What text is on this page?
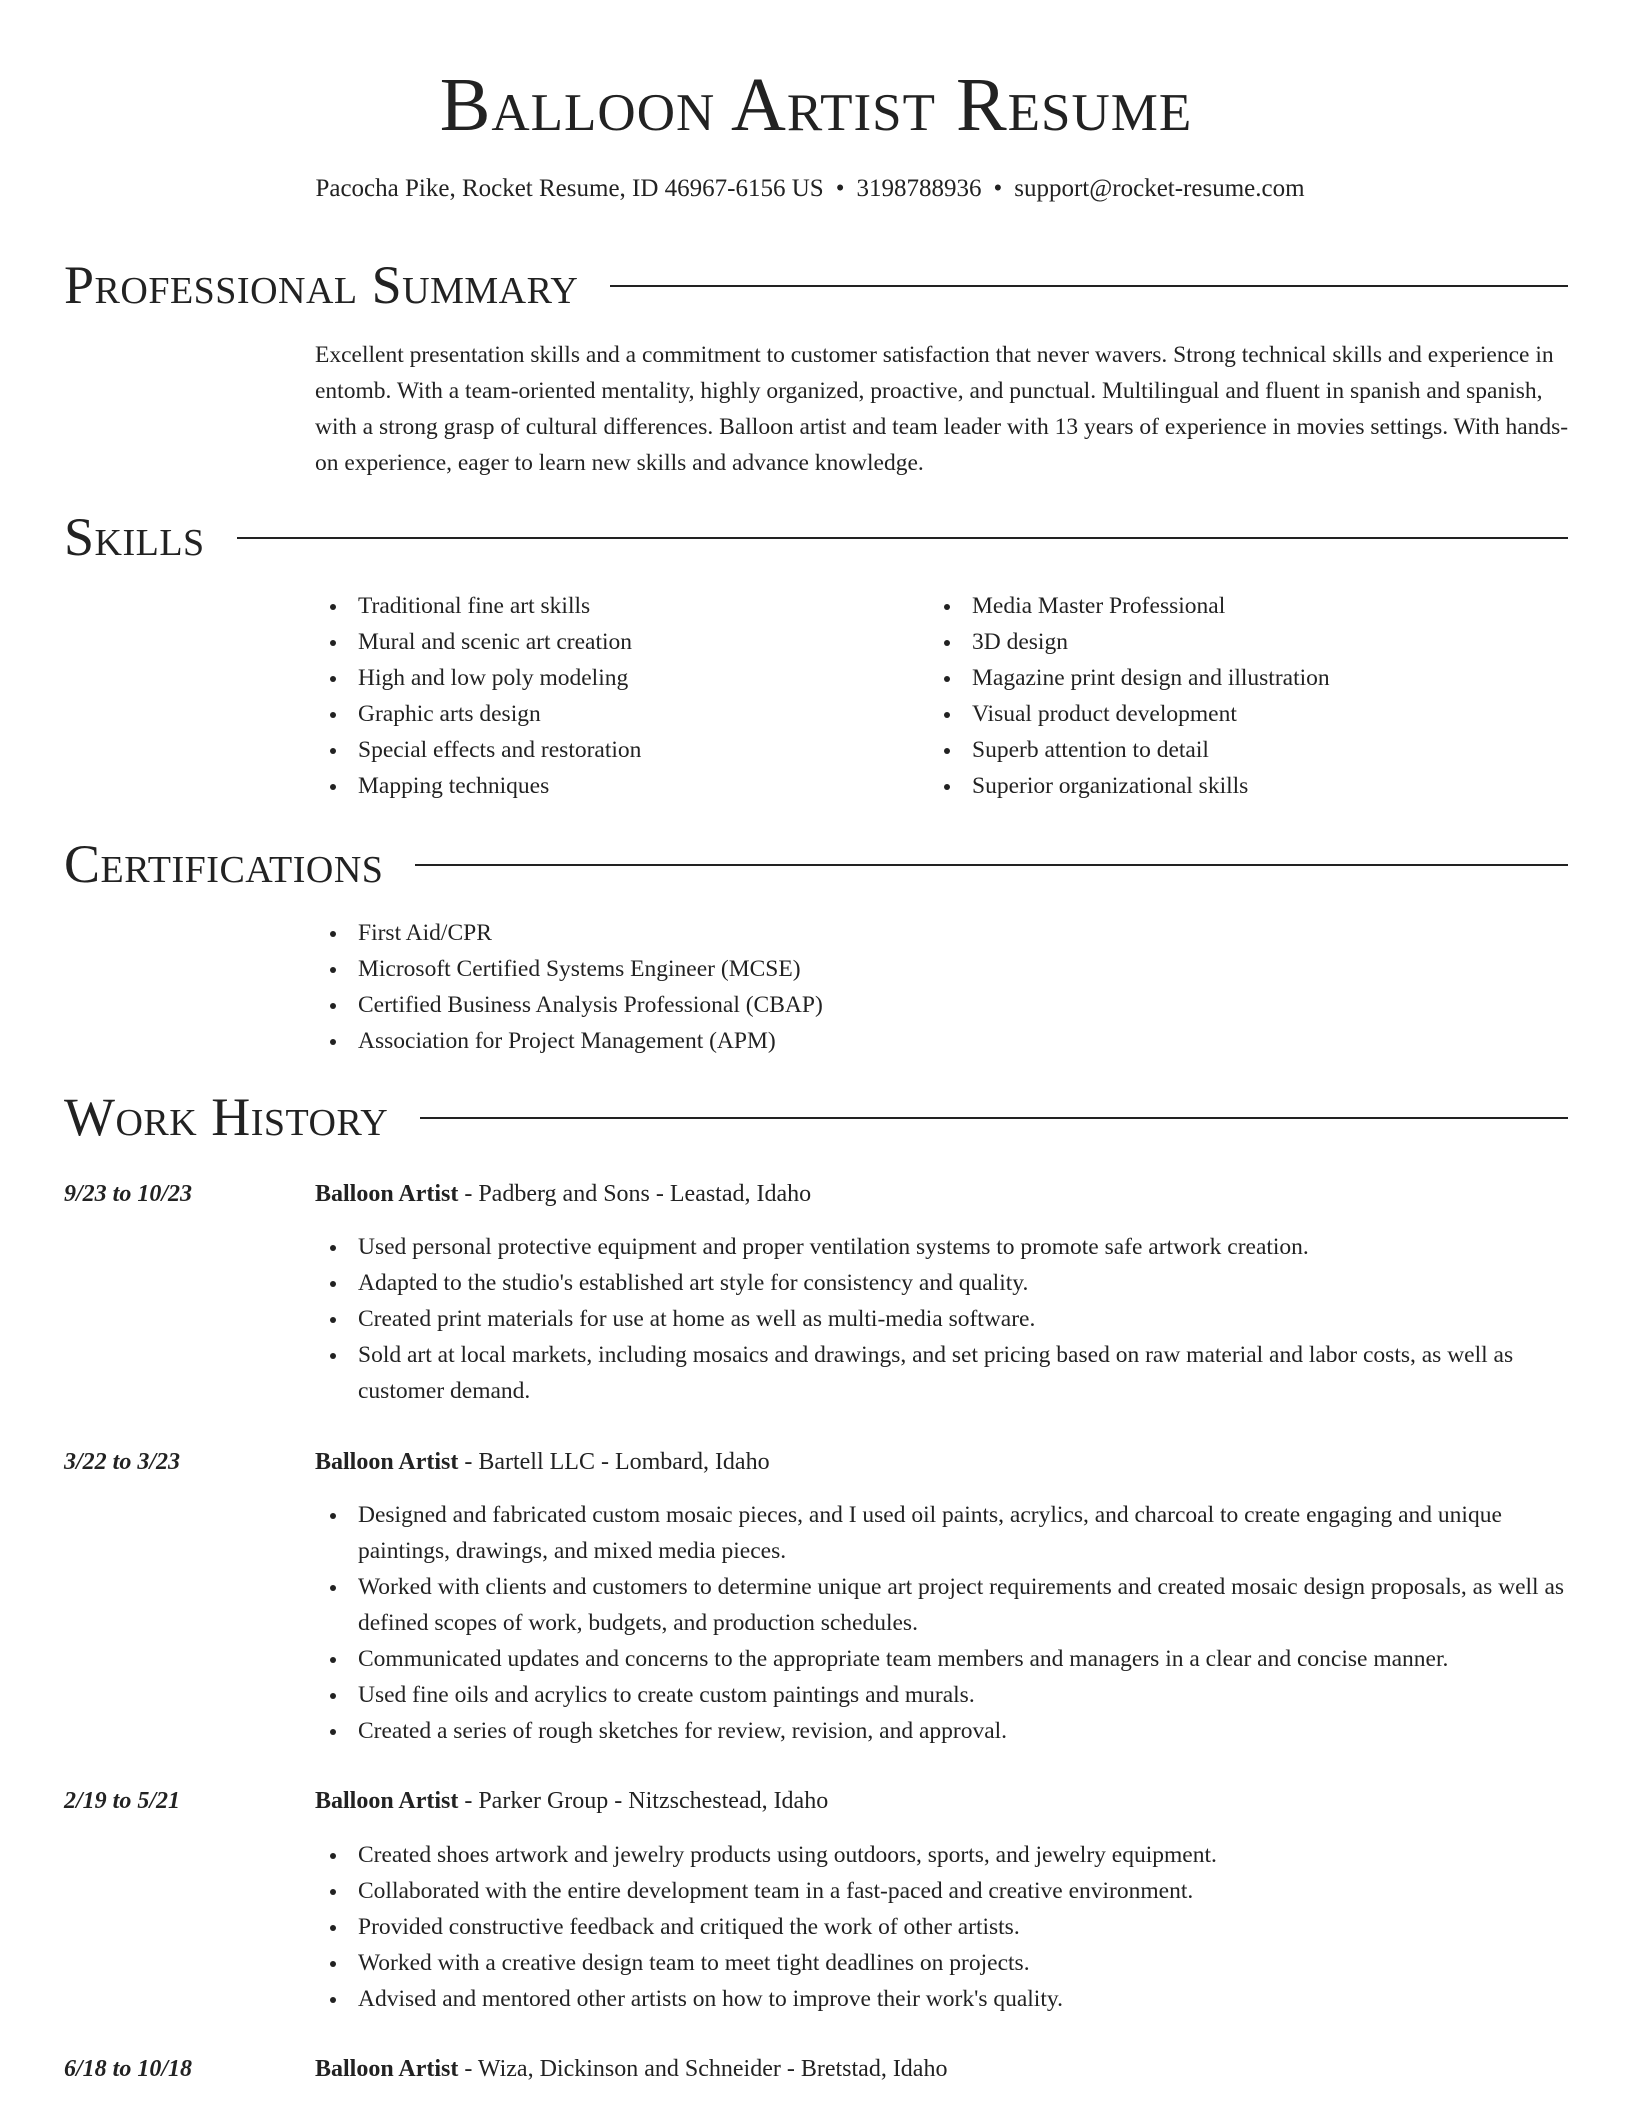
Balloon Artist Resume
Pacocha Pike, Rocket Resume, ID 46967-6156 US • 3198788936 • support@rocket-resume.com
Professional Summary
Excellent presentation skills and a commitment to customer satisfaction that never wavers. Strong technical skills and experience in entomb. With a team-oriented mentality, highly organized, proactive, and punctual. Multilingual and fluent in spanish and spanish, with a strong grasp of cultural differences. Balloon artist and team leader with 13 years of experience in movies settings. With hands-on experience, eager to learn new skills and advance knowledge.
Skills
Traditional fine art skills
Mural and scenic art creation
High and low poly modeling
Graphic arts design
Special effects and restoration
Mapping techniques
Media Master Professional
3D design
Magazine print design and illustration
Visual product development
Superb attention to detail
Superior organizational skills
Certifications
First Aid/CPR
Microsoft Certified Systems Engineer (MCSE)
Certified Business Analysis Professional (CBAP)
Association for Project Management (APM)
Work History
9/23 to 10/23	Balloon Artist - Padberg and Sons - Leastad, Idaho
Used personal protective equipment and proper ventilation systems to promote safe artwork creation.
Adapted to the studio's established art style for consistency and quality.
Created print materials for use at home as well as multi-media software.
Sold art at local markets, including mosaics and drawings, and set pricing based on raw material and labor costs, as well as customer demand.
3/22 to 3/23	Balloon Artist - Bartell LLC - Lombard, Idaho
Designed and fabricated custom mosaic pieces, and I used oil paints, acrylics, and charcoal to create engaging and unique paintings, drawings, and mixed media pieces.
Worked with clients and customers to determine unique art project requirements and created mosaic design proposals, as well as defined scopes of work, budgets, and production schedules.
Communicated updates and concerns to the appropriate team members and managers in a clear and concise manner.
Used fine oils and acrylics to create custom paintings and murals.
Created a series of rough sketches for review, revision, and approval.
2/19 to 5/21	Balloon Artist - Parker Group - Nitzschestead, Idaho
Created shoes artwork and jewelry products using outdoors, sports, and jewelry equipment.
Collaborated with the entire development team in a fast-paced and creative environment.
Provided constructive feedback and critiqued the work of other artists.
Worked with a creative design team to meet tight deadlines on projects.
Advised and mentored other artists on how to improve their work's quality.
6/18 to 10/18	Balloon Artist - Wiza, Dickinson and Schneider - Bretstad, Idaho
